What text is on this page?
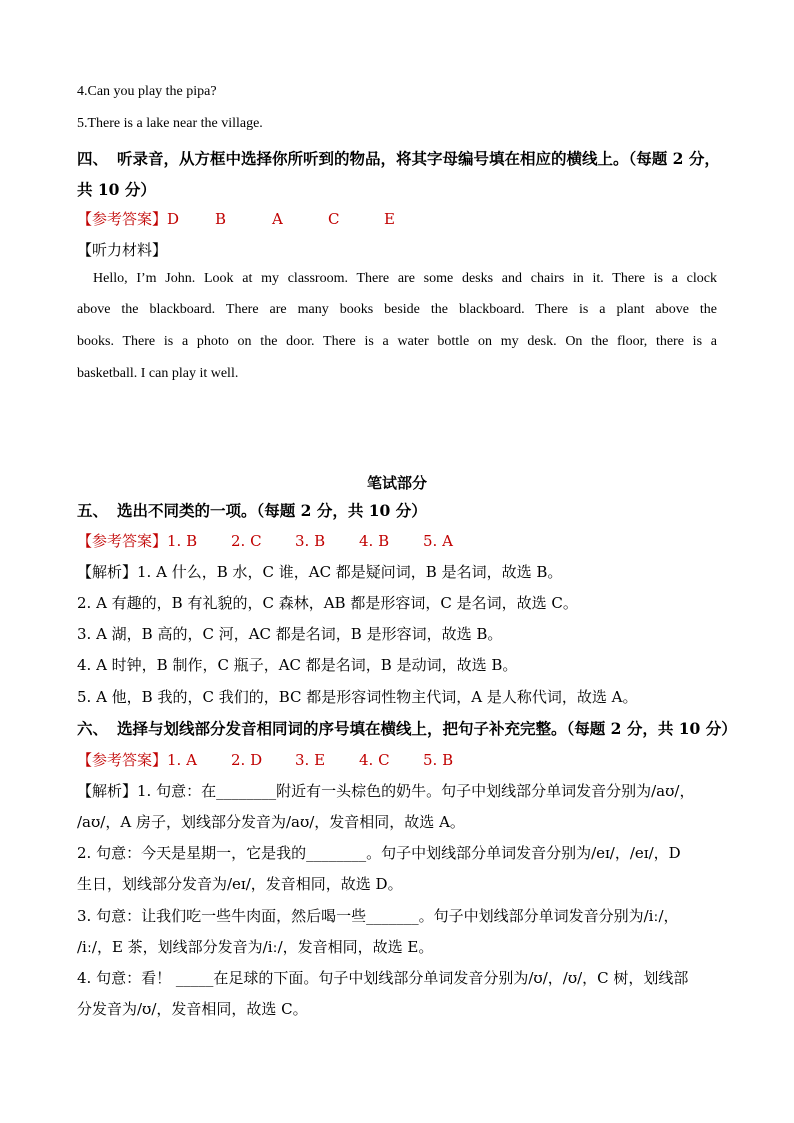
4.Can you play the pipa?
5.There is a lake near the village.
四、 听录音，从方框中选择你所听到的物品，将其字母编号填在相应的横线上。（每题 2 分，
共 10 分）
【参考答案】D B	A	C	E
【听力材料】
Hello, I’m John. Look at my classroom. There are some desks and chairs in it. There is a clock
above the blackboard. There are many books beside the blackboard. There is a plant above the
books. There is a photo on the door. There is a water bottle on my desk. On the floor, there is a
basketball. I can play it well.
笔试部分
五、 选出不同类的一项。（每题 2 分，共 10 分）
【参考答案】1. B 2. C 3. B 4. B 5. A
【解析】1. A 什么，B 水，C 谁，AC 都是疑问词，B 是名词，故选 B。
2. A 有趣的，B 有礼貌的，C 森林，AB 都是形容词，C 是名词，故选 C。
3. A 湖，B 高的，C 河，AC 都是名词，B 是形容词，故选 B。
4. A 时钟，B 制作，C 瓶子，AC 都是名词，B 是动词，故选 B。
5. A 他，B 我的，C 我们的，BC 都是形容词性物主代词，A 是人称代词，故选 A。
六、 选择与划线部分发音相同词的序号填在横线上，把句子补充完整。（每题 2 分，共 10 分）
【参考答案】1. A 2. D 3. E 4. C 5. B
【解析】1. 句意：在________附近有一头棕色的奶牛。句子中划线部分单词发音分别为/aʊ/，
/aʊ/，A 房子，划线部分发音为/aʊ/，发音相同，故选 A。
2. 句意：今天是星期一，它是我的________。句子中划线部分单词发音分别为/eɪ/，/eɪ/，D
生日，划线部分发音为/eɪ/，发音相同，故选 D。
3. 句意：让我们吃一些牛肉面，然后喝一些_______。句子中划线部分单词发音分别为/iː/，
/iː/，E 茶，划线部分发音为/iː/，发音相同，故选 E。
4. 句意：看！ _____在足球的下面。句子中划线部分单词发音分别为/ʊ/，/ʊ/，C 树，划线部
分发音为/ʊ/，发音相同，故选 C。
